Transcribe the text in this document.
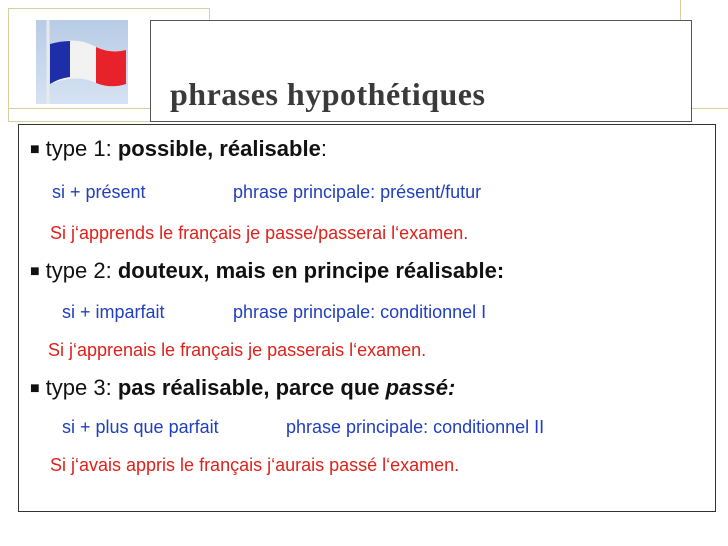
phrases hypothétiques
■ type 1: possible, réalisable:
si + présent	phrase principale: présent/futur
Si j‘apprends le français je passe/passerai l‘examen.
■ type 2: douteux, mais en principe réalisable:
si + imparfait	phrase principale: conditionnel I
Si j‘apprenais le français je passerais l‘examen.
■ type 3: pas réalisable, parce que passé:
si + plus que parfait	phrase principale: conditionnel II
Si j‘avais appris le français j‘aurais passé l‘examen.
